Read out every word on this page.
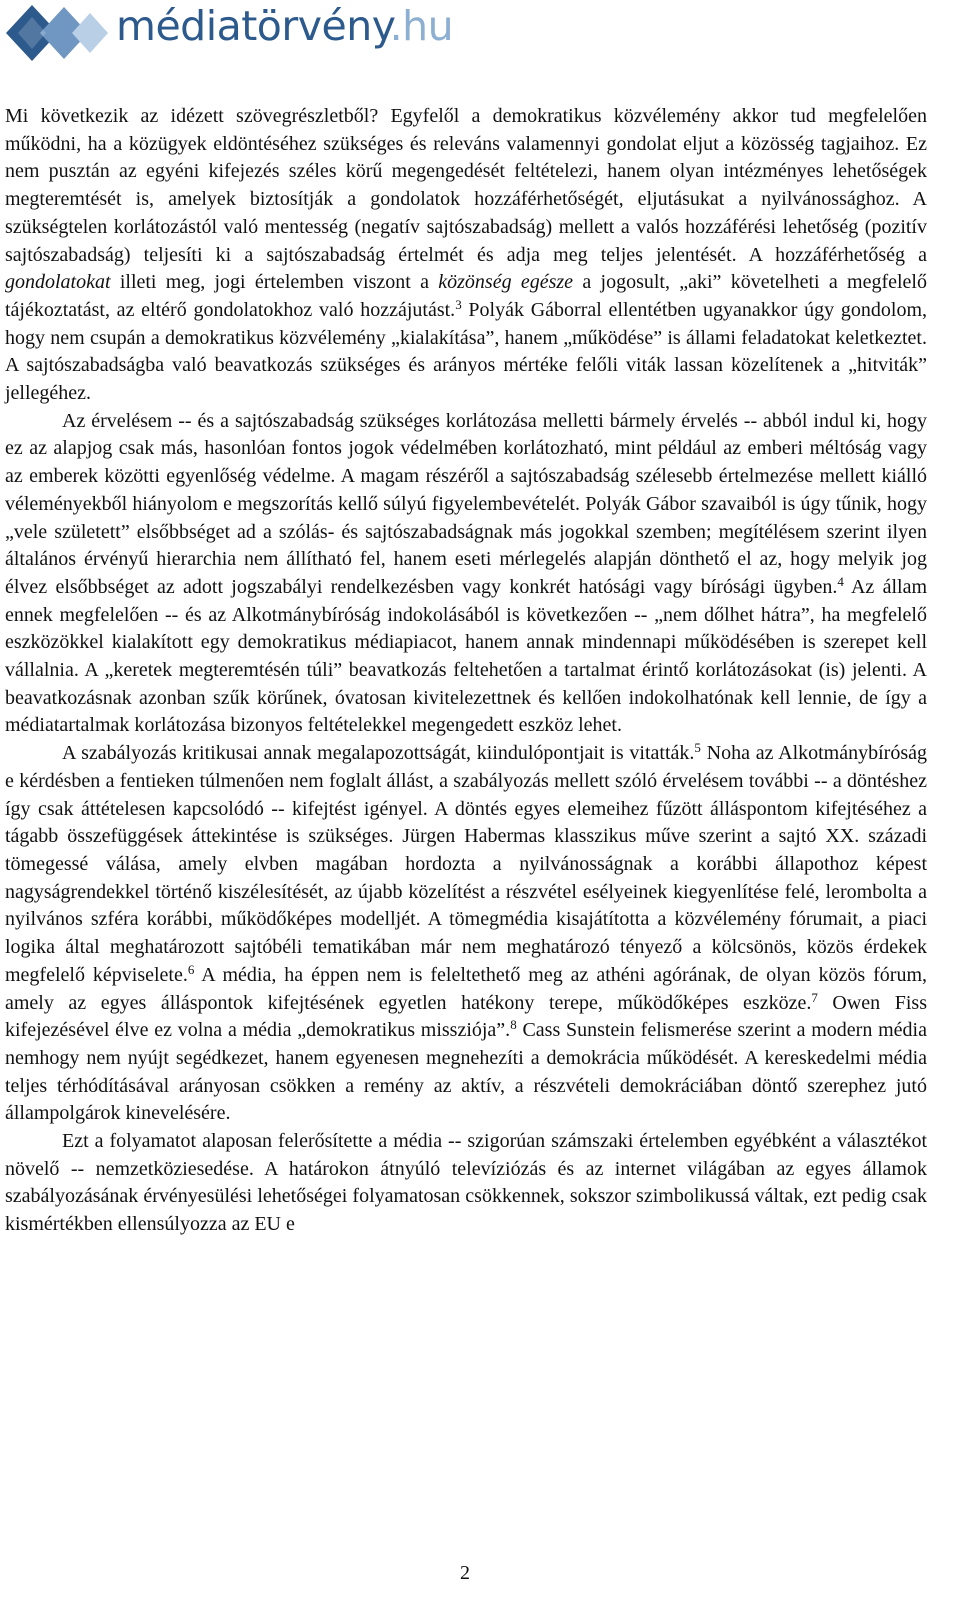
médiatörvény.hu

Mi következik az idézett szövegrészletből? Egyfelől a demokratikus közvélemény akkor tud megfelelően működni, ha a közügyek eldöntéséhez szükséges és releváns valamennyi gondolat eljut a közösség tagjaihoz. Ez nem pusztán az egyéni kifejezés széles körű megengedését feltételezi, hanem olyan intézményes lehetőségek megteremtését is, amelyek biztosítják a gondolatok hozzáférhetőségét, eljutásukat a nyilvánossághoz. A szükségtelen korlátozástól való mentesség (negatív sajtószabadság) mellett a valós hozzáférési lehetőség (pozitív sajtószabadság) teljesíti ki a sajtószabadság értelmét és adja meg teljes jelentését. A hozzáférhetőség a gondolatokat illeti meg, jogi értelemben viszont a közönség egésze a jogosult, „aki” követelheti a megfelelő tájékoztatást, az eltérő gondolatokhoz való hozzájutást.$^3$ Polyák Gáborral ellentétben ugyanakkor úgy gondolom, hogy nem csupán a demokratikus közvélemény „kialakítása”, hanem „működése” is állami feladatokat keletkeztet. A sajtószabadságba való beavatkozás szükséges és arányos mértéke felőli viták lassan közelítenek a „hitviták” jellegéhez.

Az érvelésem -- és a sajtószabadság szükséges korlátozása melletti bármely érvelés -- abból indul ki, hogy ez az alapjog csak más, hasonlóan fontos jogok védelmében korlátozható, mint például az emberi méltóság vagy az emberek közötti egyenlőség védelme. A magam részéről a sajtószabadság szélesebb értelmezése mellett kiálló véleményekből hiányolom e megszorítás kellő súlyú figyelembevételét. Polyák Gábor szavaiból is úgy tűnik, hogy „vele született” elsőbbséget ad a szólás- és sajtószabadságnak más jogokkal szemben; megítélésem szerint ilyen általános érvényű hierarchia nem állítható fel, hanem eseti mérlegelés alapján dönthető el az, hogy melyik jog élvez elsőbbséget az adott jogszabályi rendelkezésben vagy konkrét hatósági vagy bírósági ügyben.$^4$ Az állam ennek megfelelően -- és az Alkotmánybíróság indokolásából is következően -- „nem dőlhet hátra”, ha megfelelő eszközökkel kialakított egy demokratikus médiapiacot, hanem annak mindennapi működésében is szerepet kell vállalnia. A „keretek megteremtésén túli” beavatkozás feltehetően a tartalmat érintő korlátozásokat (is) jelenti. A beavatkozásnak azonban szűk körűnek, óvatosan kivitelezettnek és kellően indokolhatónak kell lennie, de így a médiatartalmak korlátozása bizonyos feltételekkel megengedett eszköz lehet.

A szabályozás kritikusai annak megalapozottságát, kiindulópontjait is vitatták.$^5$ Noha az Alkotmánybíróság e kérdésben a fentieken túlmenően nem foglalt állást, a szabályozás mellett szóló érvelésem további -- a döntéshez így csak áttételesen kapcsolódó -- kifejtést igényel. A döntés egyes elemeihez fűzött álláspontom kifejtéséhez a tágabb összefüggések áttekintése is szükséges. Jürgen Habermas klasszikus műve szerint a sajtó XX. századi tömegessé válása, amely elvben magában hordozta a nyilvánosságnak a korábbi állapothoz képest nagyságrendekkel történő kiszélesítését, az újabb közelítést a részvétel esélyeinek kiegyenlítése felé, lerombolta a nyilvános szféra korábbi, működőképes modelljét. A tömegmédia kisajátította a közvélemény fórumait, a piaci logika által meghatározott sajtóbéli tematikában már nem meghatározó tényező a kölcsönös, közös érdekek megfelelő képviselete.$^6$ A média, ha éppen nem is feleltethető meg az athéni agórának, de olyan közös fórum, amely az egyes álláspontok kifejtésének egyetlen hatékony terepe, működőképes eszköze.$^7$ Owen Fiss kifejezésével élve ez volna a média „demokratikus missziója”.$^8$ Cass Sunstein felismerése szerint a modern média nemhogy nem nyújt segédkezet, hanem egyenesen megnehezíti a demokrácia működését. A kereskedelmi média teljes térhódításával arányosan csökken a remény az aktív, a részvételi demokráciában döntő szerephez jutó állampolgárok kinevelésére.

Ezt a folyamatot alaposan felerősítette a média -- szigorúan számszaki értelemben egyébként a választékot növelő -- nemzetköziesedése. A határokon átnyúló televíziózás és az internet világában az egyes államok szabályozásának érvényesülési lehetőségei folyamatosan csökkennek, sokszor szimbolikussá váltak, ezt pedig csak kismértékben ellensúlyozza az EU e

2
